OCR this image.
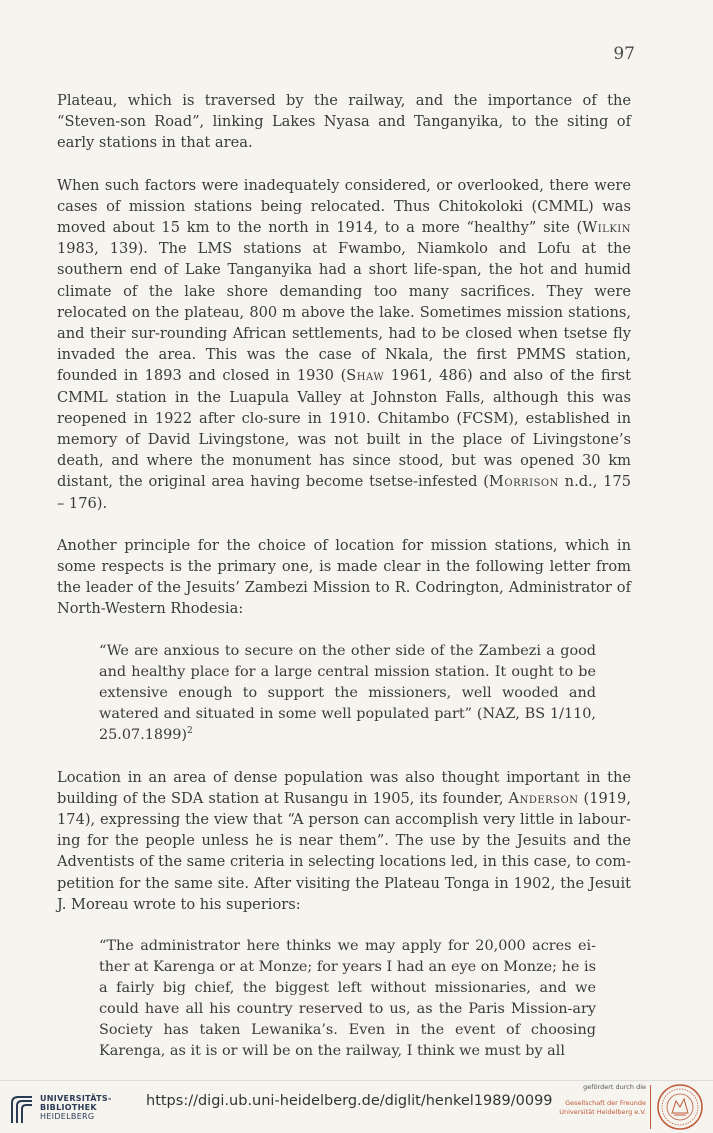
97

Plateau, which is traversed by the railway, and the importance of the “Steven-son Road”, linking Lakes Nyasa and Tanganyika, to the siting of early stations in that area.

When such factors were inadequately considered, or overlooked, there were cases of mission stations being relocated. Thus Chitokoloki (CMML) was moved about 15 km to the north in 1914, to a more “healthy” site (Wilkin 1983, 139). The LMS stations at Fwambo, Niamkolo and Lofu at the southern end of Lake Tanganyika had a short life-span, the hot and humid climate of the lake shore demanding too many sacrifices. They were relocated on the plateau, 800 m above the lake. Sometimes mission stations, and their sur-rounding African settlements, had to be closed when tsetse fly invaded the area. This was the case of Nkala, the first PMMS station, founded in 1893 and closed in 1930 (Shaw 1961, 486) and also of the first CMML station in the Luapula Valley at Johnston Falls, although this was reopened in 1922 after clo-sure in 1910. Chitambo (FCSM), established in memory of David Livingstone, was not built in the place of Livingstone’s death, and where the monument has since stood, but was opened 30 km distant, the original area having become tsetse-infested (Morrison n.d., 175 – 176).

Another principle for the choice of location for mission stations, which in some respects is the primary one, is made clear in the following letter from the leader of the Jesuits’ Zambezi Mission to R. Codrington, Administrator of North-Western Rhodesia:

“We are anxious to secure on the other side of the Zambezi a good and healthy place for a large central mission station. It ought to be extensive enough to support the missioners, well wooded and watered and situated in some well populated part” (NAZ, BS 1/110, 25.07.1899)$^2$

Location in an area of dense population was also thought important in the building of the SDA station at Rusangu in 1905, its founder, Anderson (1919, 174), expressing the view that “A person can accomplish very little in labour-ing for the people unless he is near them”. The use by the Jesuits and the Adventists of the same criteria in selecting locations led, in this case, to com-petition for the same site. After visiting the Plateau Tonga in 1902, the Jesuit J. Moreau wrote to his superiors:

“The administrator here thinks we may apply for 20,000 acres ei-ther at Karenga or at Monze; for years I had an eye on Monze; he is a fairly big chief, the biggest left without missionaries, and we could have all his country reserved to us, as the Paris Mission-ary Society has taken Lewanika’s. Even in the event of choosing Karenga, as it is or will be on the railway, I think we must by all

UNIVERSITÄTS-
BIBLIOTHEK
HEIDELBERG
https://digi.ub.uni-heidelberg.de/diglit/henkel1989/0099
gefördert durch die
Gesellschaft der Freunde
Universität Heidelberg e.V.
